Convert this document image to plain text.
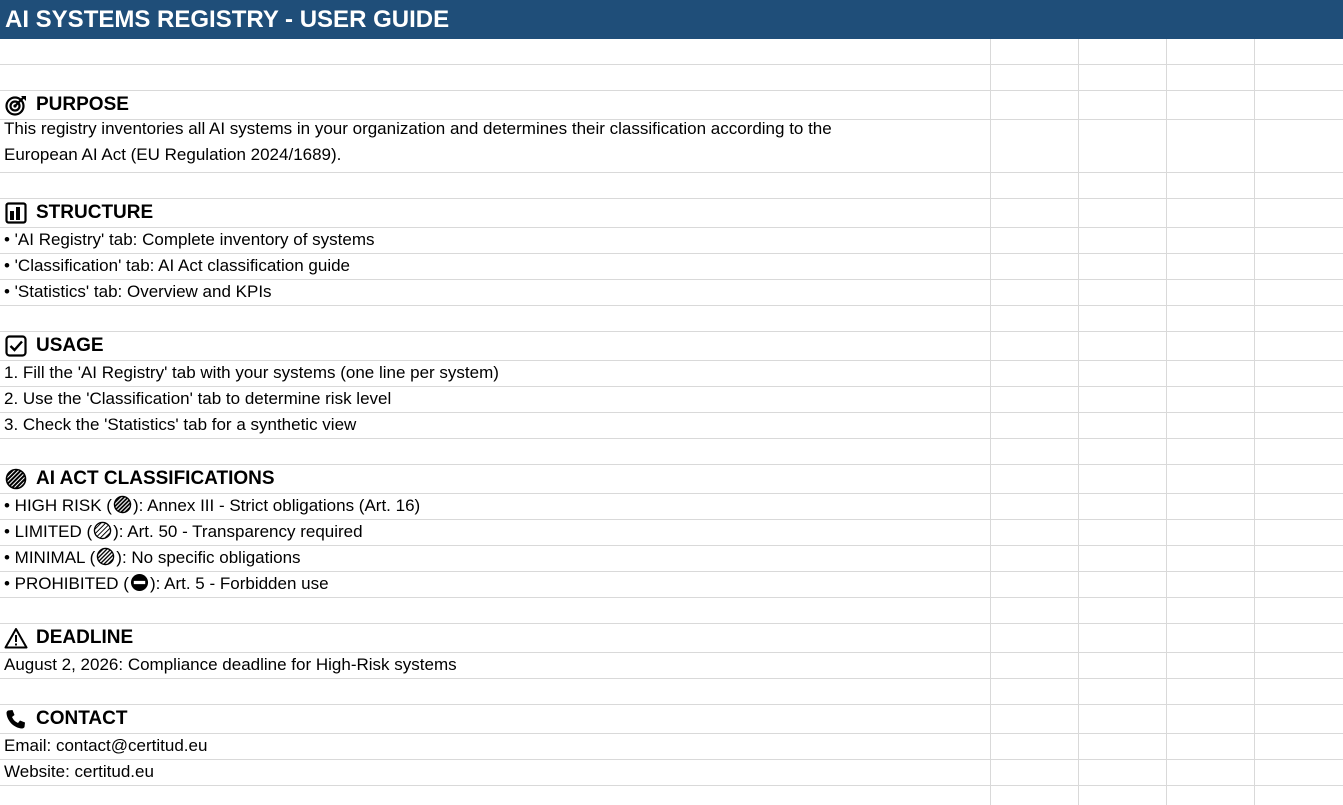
AI SYSTEMS REGISTRY - USER GUIDE
PURPOSE
This registry inventories all AI systems in your organization and determines their classification according to the
European AI Act (EU Regulation 2024/1689).
STRUCTURE
• 'AI Registry' tab: Complete inventory of systems
• 'Classification' tab: AI Act classification guide
• 'Statistics' tab: Overview and KPIs
USAGE
1. Fill the 'AI Registry' tab with your systems (one line per system)
2. Use the 'Classification' tab to determine risk level
3. Check the 'Statistics' tab for a synthetic view
AI ACT CLASSIFICATIONS
• HIGH RISK ( ): Annex III - Strict obligations (Art. 16)
• LIMITED ( ): Art. 50 - Transparency required
• MINIMAL ( ): No specific obligations
• PROHIBITED ( ): Art. 5 - Forbidden use
DEADLINE
August 2, 2026: Compliance deadline for High-Risk systems
CONTACT
Email: contact@certitud.eu
Website: certitud.eu
